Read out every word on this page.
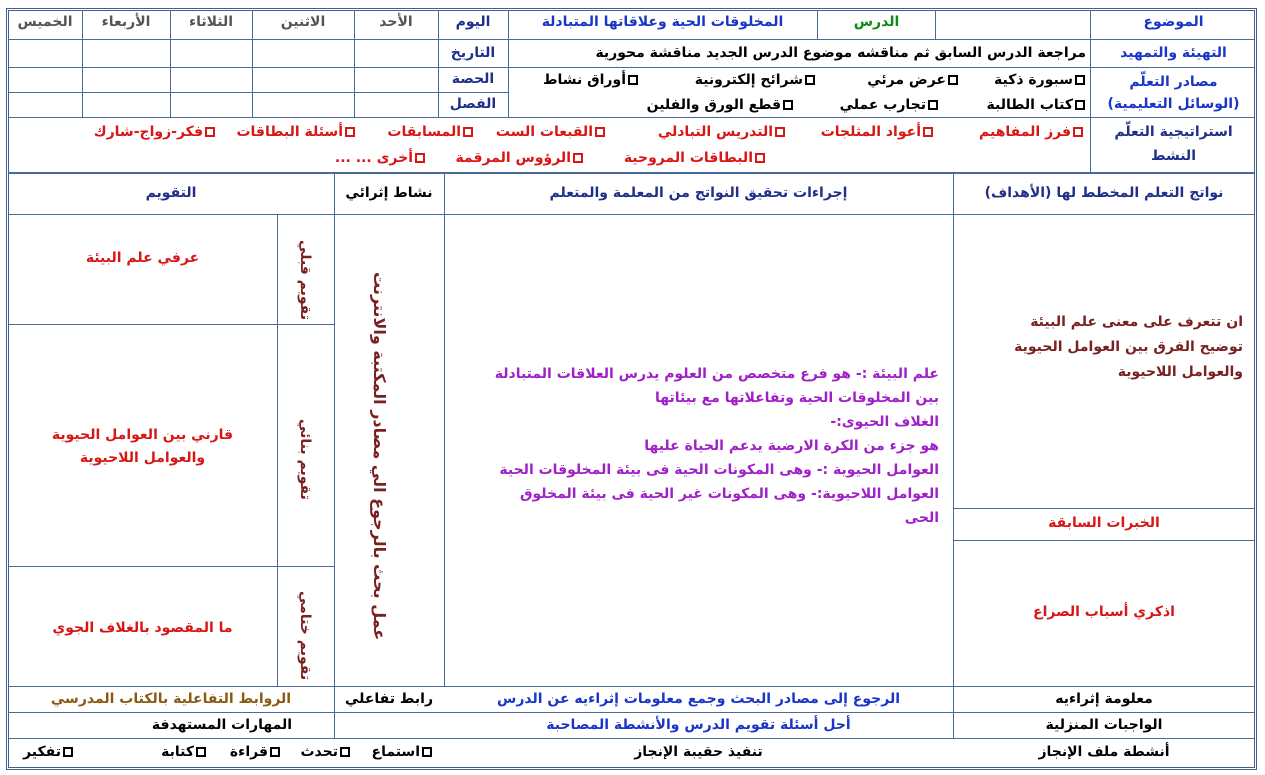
الموضوع
الدرس
المخلوقات الحية وعلاقاتها المتبادلة
اليوم
الأحد
الاثنين
الثلاثاء
الأربعاء
الخميس
التهيئة والتمهيد
مراجعة الدرس السابق ثم مناقشه موضوع الدرس الجديد مناقشة محورية
التاريخ
مصادر التعلّم
(الوسائل التعليمية)
الحصة
الفصل
سبورة ذكية
عرض مرئي
شرائح إلكترونية
أوراق نشاط
كتاب الطالبة
تجارب عملي
قطع الورق والفلين
استراتيجية التعلّم
النشط
فرز المفاهيم
أعواد المثلجات
التدريس التبادلي
القبعات الست
المسابقات
أسئلة البطاقات
فكر-زواج-شارك
البطاقات المروحية
الرؤوس المرقمة
أخرى ... ...
نواتج التعلم المخطط لها (الأهداف)
إجراءات تحقيق النواتج من المعلمة والمتعلم
نشاط إثرائي
التقويم
ان تتعرف على معنى علم البيئة
توضيح الفرق بين العوامل الحيوية
والعوامل اللاحيوية
الخبرات السابقة
اذكري أسباب الصراع
علم البيئة :- هو فرع متخصص من العلوم يدرس العلاقات المتبادلة
بين المخلوقات الحية وتفاعلاتها مع بيئاتها
الغلاف الحيوى:-
هو جزء من الكرة الارضية يدعم الحياة عليها
العوامل الحيوية :- وهى المكونات الحية فى بيئة المخلوقات الحية
العوامل اللاحيوية:- وهى المكونات غير الحية فى بيئة المخلوق
الحى
عمل بحث بالرجوع الي مصادر المكتبة والانترنت
تقويم قبلي
تقويم بنائي
تقويم ختامي
عرفي علم البيئة
قارني بين العوامل الحيوية
والعوامل اللاحيوية
ما المقصود بالغلاف الجوي
معلومة إثراءيه
الرجوع إلى مصادر البحث وجمع معلومات إثراءيه عن الدرس
رابط تفاعلي
الروابط التفاعلية بالكتاب المدرسي
الواجبات المنزلية
أحل أسئلة تقويم الدرس والأنشطة المصاحبة
المهارات المستهدفة
أنشطة ملف الإنجاز
تنفيذ حقيبة الإنجاز
استماع
تحدث
قراءة
كتابة
تفكير
